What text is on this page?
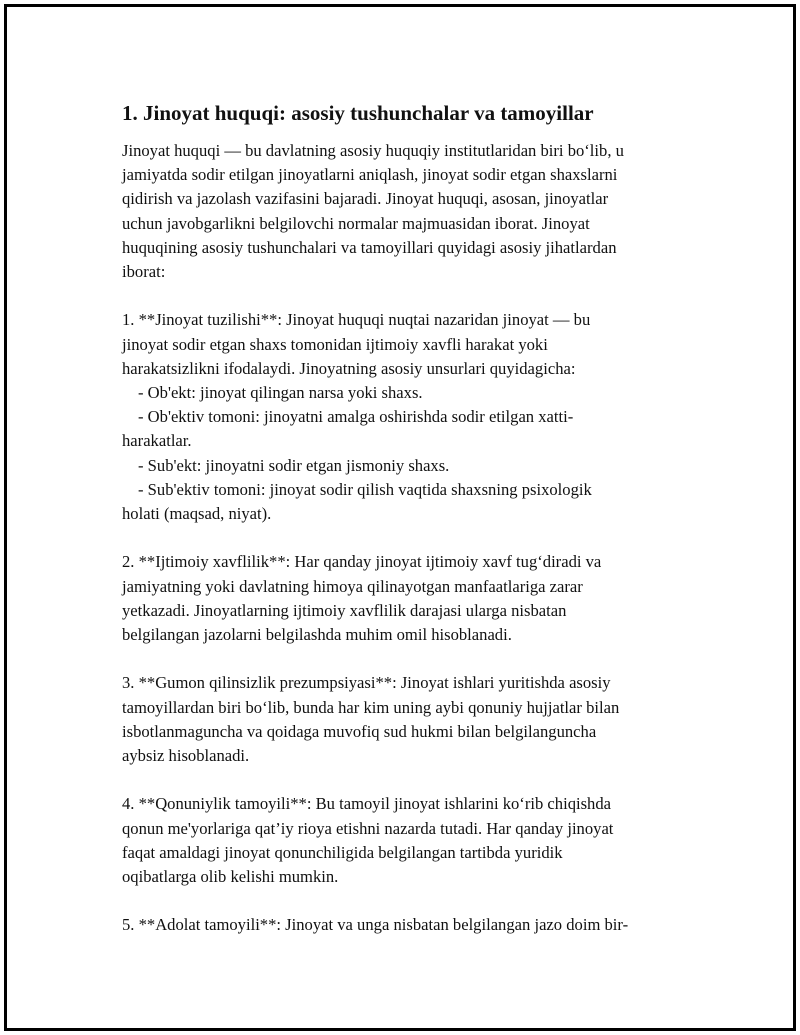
1. Jinoyat huquqi: asosiy tushunchalar va tamoyillar
Jinoyat huquqi — bu davlatning asosiy huquqiy institutlaridan biri bo‘lib, u
jamiyatda sodir etilgan jinoyatlarni aniqlash, jinoyat sodir etgan shaxslarni
qidirish va jazolash vazifasini bajaradi. Jinoyat huquqi, asosan, jinoyatlar
uchun javobgarlikni belgilovchi normalar majmuasidan iborat. Jinoyat
huquqining asosiy tushunchalari va tamoyillari quyidagi asosiy jihatlardan
iborat:
1. **Jinoyat tuzilishi**: Jinoyat huquqi nuqtai nazaridan jinoyat — bu
jinoyat sodir etgan shaxs tomonidan ijtimoiy xavfli harakat yoki
harakatsizlikni ifodalaydi. Jinoyatning asosiy unsurlari quyidagicha:
- Ob'ekt: jinoyat qilingan narsa yoki shaxs.
- Ob'ektiv tomoni: jinoyatni amalga oshirishda sodir etilgan xatti-
harakatlar.
- Sub'ekt: jinoyatni sodir etgan jismoniy shaxs.
- Sub'ektiv tomoni: jinoyat sodir qilish vaqtida shaxsning psixologik
holati (maqsad, niyat).
2. **Ijtimoiy xavflilik**: Har qanday jinoyat ijtimoiy xavf tug‘diradi va
jamiyatning yoki davlatning himoya qilinayotgan manfaatlariga zarar
yetkazadi. Jinoyatlarning ijtimoiy xavflilik darajasi ularga nisbatan
belgilangan jazolarni belgilashda muhim omil hisoblanadi.
3. **Gumon qilinsizlik prezumpsiyasi**: Jinoyat ishlari yuritishda asosiy
tamoyillardan biri bo‘lib, bunda har kim uning aybi qonuniy hujjatlar bilan
isbotlanmaguncha va qoidaga muvofiq sud hukmi bilan belgilanguncha
aybsiz hisoblanadi.
4. **Qonuniylik tamoyili**: Bu tamoyil jinoyat ishlarini ko‘rib chiqishda
qonun me'yorlariga qat’iy rioya etishni nazarda tutadi. Har qanday jinoyat
faqat amaldagi jinoyat qonunchiligida belgilangan tartibda yuridik
oqibatlarga olib kelishi mumkin.
5. **Adolat tamoyili**: Jinoyat va unga nisbatan belgilangan jazo doim bir-
